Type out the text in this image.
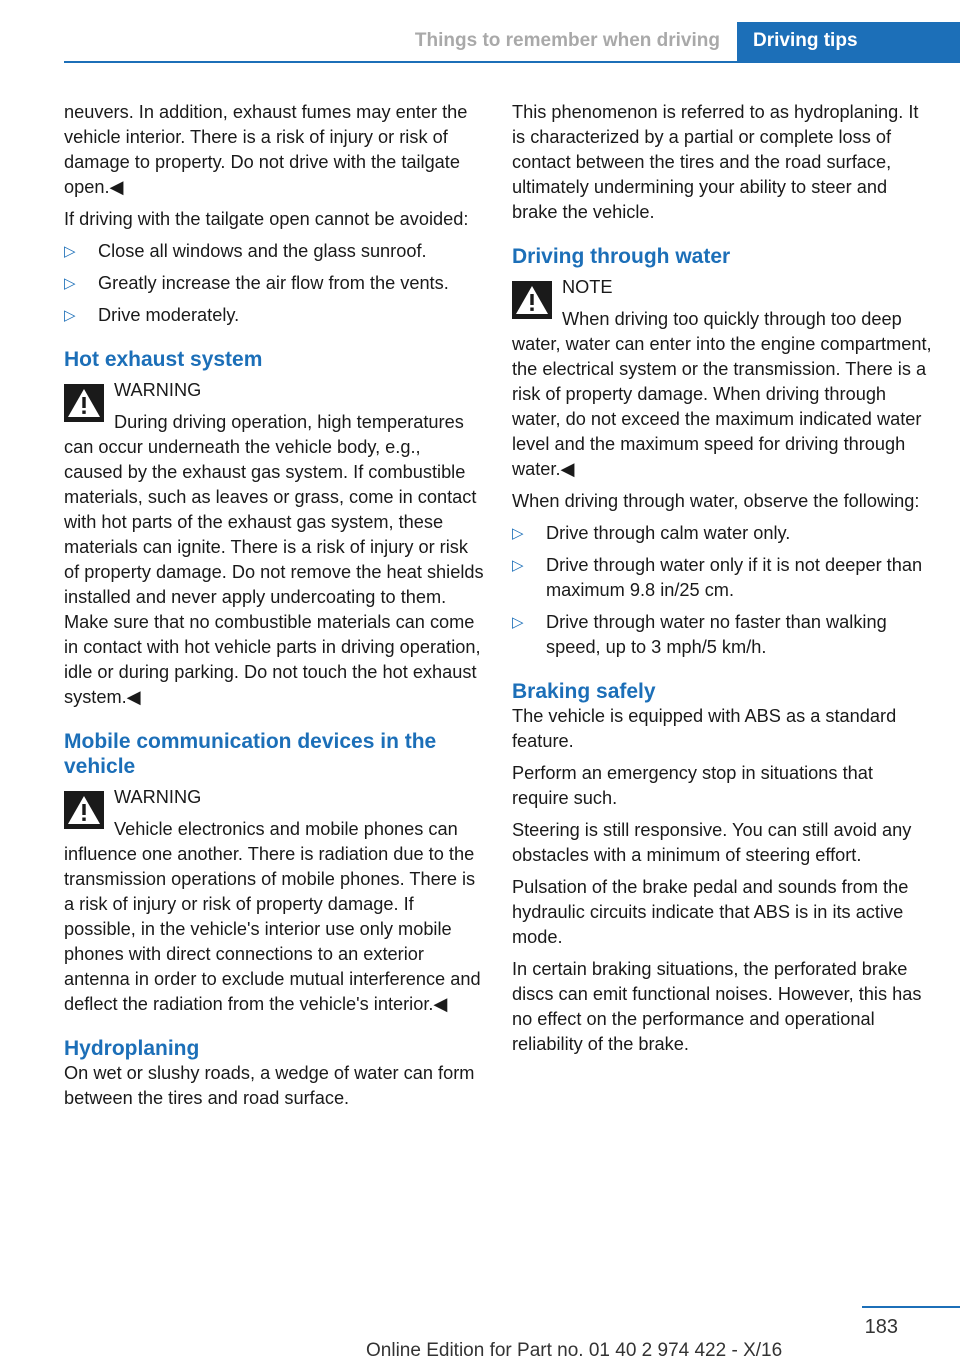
Things to remember when driving	Driving tips

neuvers. In addition, exhaust fumes may enter the vehicle interior. There is a risk of injury or risk of damage to property. Do not drive with the tailgate open.◀

If driving with the tailgate open cannot be avoided:

▷ Close all windows and the glass sunroof.
▷ Greatly increase the air flow from the vents.
▷ Drive moderately.
Hot exhaust system
WARNING
During driving operation, high temperatures can occur underneath the vehicle body, e.g., caused by the exhaust gas system. If combustible materials, such as leaves or grass, come in contact with hot parts of the exhaust gas system, these materials can ignite. There is a risk of injury or risk of property damage. Do not remove the heat shields installed and never apply undercoating to them. Make sure that no combustible materials can come in contact with hot vehicle parts in driving operation, idle or during parking. Do not touch the hot exhaust system.◀
Mobile communication devices in the vehicle
WARNING
Vehicle electronics and mobile phones can influence one another. There is radiation due to the transmission operations of mobile phones. There is a risk of injury or risk of property damage. If possible, in the vehicle's interior use only mobile phones with direct connections to an exterior antenna in order to exclude mutual interference and deflect the radiation from the vehicle's interior.◀
Hydroplaning

On wet or slushy roads, a wedge of water can form between the tires and road surface.

This phenomenon is referred to as hydroplaning. It is characterized by a partial or complete loss of contact between the tires and the road surface, ultimately undermining your ability to steer and brake the vehicle.

Driving through water
NOTE
When driving too quickly through too deep water, water can enter into the engine compartment, the electrical system or the transmission. There is a risk of property damage. When driving through water, do not exceed the maximum indicated water level and the maximum speed for driving through water.◀

When driving through water, observe the following:

▷ Drive through calm water only.
▷ Drive through water only if it is not deeper than maximum 9.8 in/25 cm.
▷ Drive through water no faster than walking speed, up to 3 mph/5 km/h.
Braking safely

The vehicle is equipped with ABS as a standard feature.

Perform an emergency stop in situations that require such.

Steering is still responsive. You can still avoid any obstacles with a minimum of steering effort.

Pulsation of the brake pedal and sounds from the hydraulic circuits indicate that ABS is in its active mode.

In certain braking situations, the perforated brake discs can emit functional noises. However, this has no effect on the performance and operational reliability of the brake.

183
Online Edition for Part no. 01 40 2 974 422 - X/16
